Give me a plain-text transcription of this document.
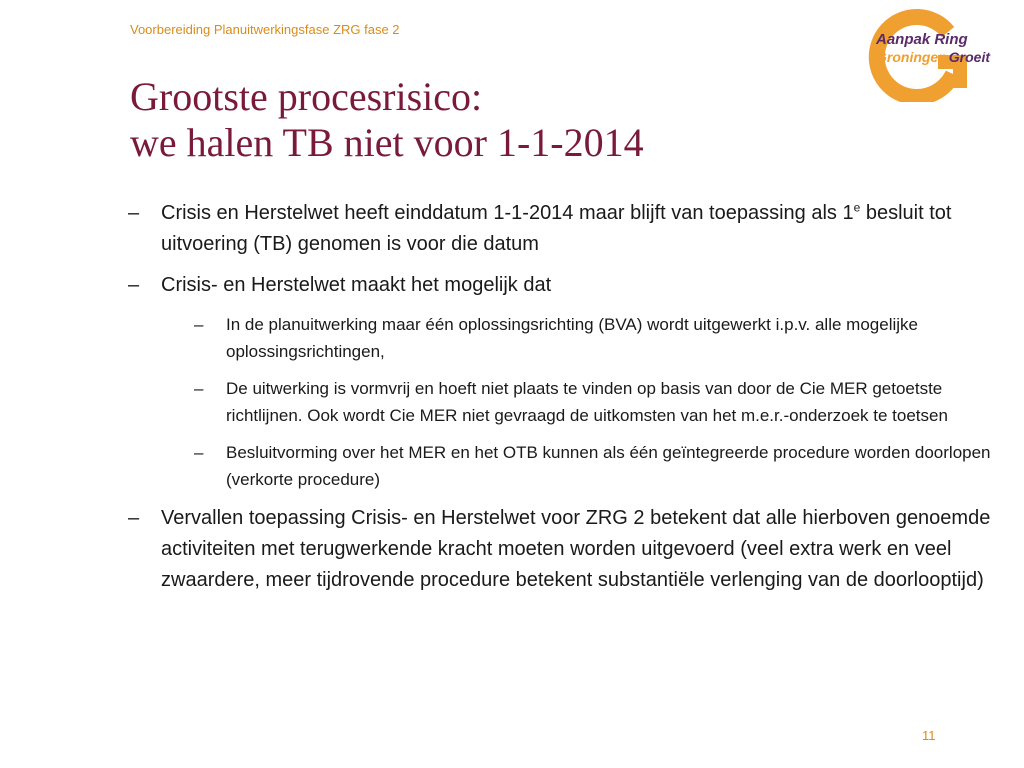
Voorbereiding Planuitwerkingsfase ZRG fase 2
Aanpak Ring
Groningen Groeit
Grootste procesrisico:
we halen TB niet voor 1-1-2014
– Crisis en Herstelwet heeft einddatum 1-1-2014 maar blijft van toepassing als 1e besluit tot uitvoering (TB) genomen is voor die datum
– Crisis- en Herstelwet maakt het mogelijk dat
– In de planuitwerking maar één oplossingsrichting (BVA) wordt uitgewerkt i.p.v. alle mogelijke oplossingsrichtingen,
– De uitwerking is vormvrij en hoeft niet plaats te vinden op basis van door de Cie MER getoetste richtlijnen. Ook wordt Cie MER niet gevraagd de uitkomsten van het m.e.r.-onderzoek te toetsen
– Besluitvorming over het MER en het OTB kunnen als één geïntegreerde procedure worden doorlopen (verkorte procedure)
– Vervallen toepassing Crisis- en Herstelwet voor ZRG 2 betekent dat alle hierboven genoemde activiteiten met terugwerkende kracht moeten worden uitgevoerd (veel extra werk en veel zwaardere, meer tijdrovende procedure betekent substantiële verlenging van de doorlooptijd)
11
